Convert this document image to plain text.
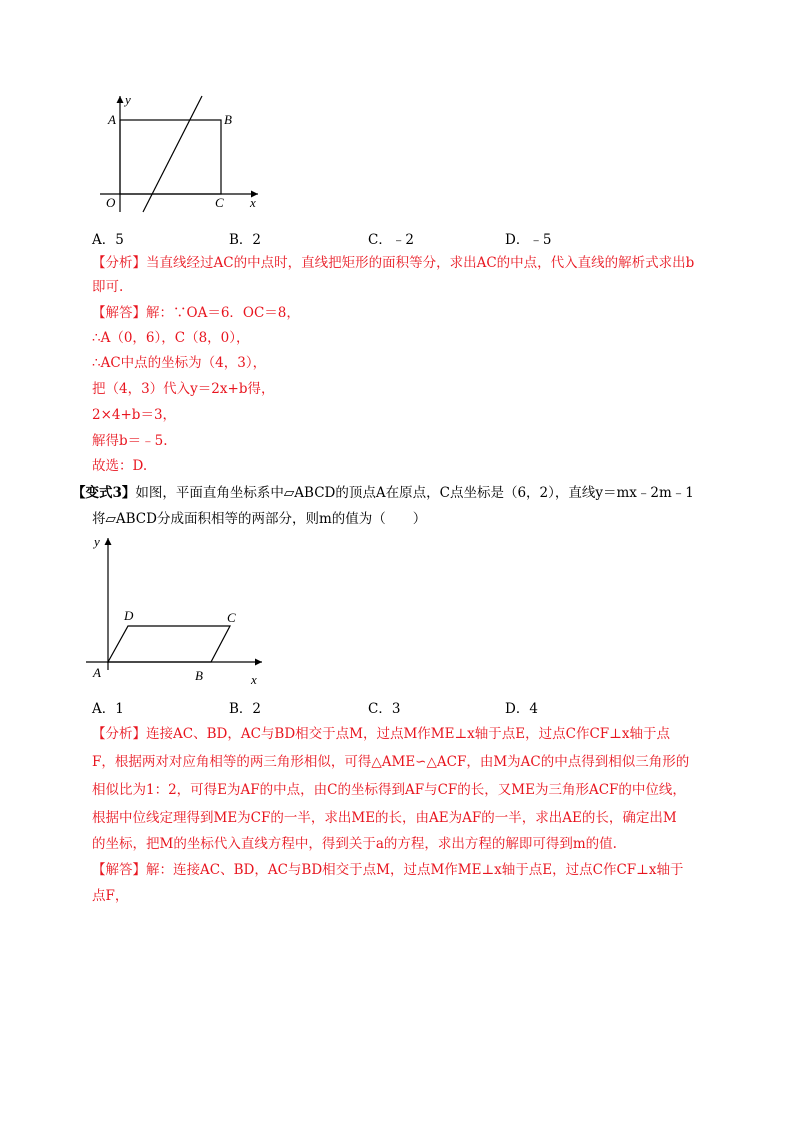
y
A	B
O	C x
A．5	B．2	C．﹣2	D．﹣5
【分析】当直线经过AC的中点时，直线把矩形的面积等分，求出AC的中点，代入直线的解析式求出b
即可.
【解答】解：∵OA＝6．OC＝8，
∴A（0，6），C（8，0），
∴AC中点的坐标为（4，3），
把（4，3）代入y＝2x+b得，
2×4+b＝3，
解得b＝﹣5.
故选：D.
【变式3】如图，平面直角坐标系中▱ABCD的顶点A在原点，C点坐标是（6，2），直线y＝mx﹣2m﹣1
将▱ABCD分成面积相等的两部分，则m的值为（　　）
y
D	C
A	B	x
A．1	B．2	C．3	D．4
【分析】连接AC、BD，AC与BD相交于点M，过点M作ME⊥x轴于点E，过点C作CF⊥x轴于点
F，根据两对对应角相等的两三角形相似，可得△AME∽△ACF，由M为AC的中点得到相似三角形的
相似比为1：2，可得E为AF的中点，由C的坐标得到AF与CF的长，又ME为三角形ACF的中位线，
根据中位线定理得到ME为CF的一半，求出ME的长，由AE为AF的一半，求出AE的长，确定出M
的坐标，把M的坐标代入直线方程中，得到关于a的方程，求出方程的解即可得到m的值.
【解答】解：连接AC、BD，AC与BD相交于点M，过点M作ME⊥x轴于点E，过点C作CF⊥x轴于
点F，
